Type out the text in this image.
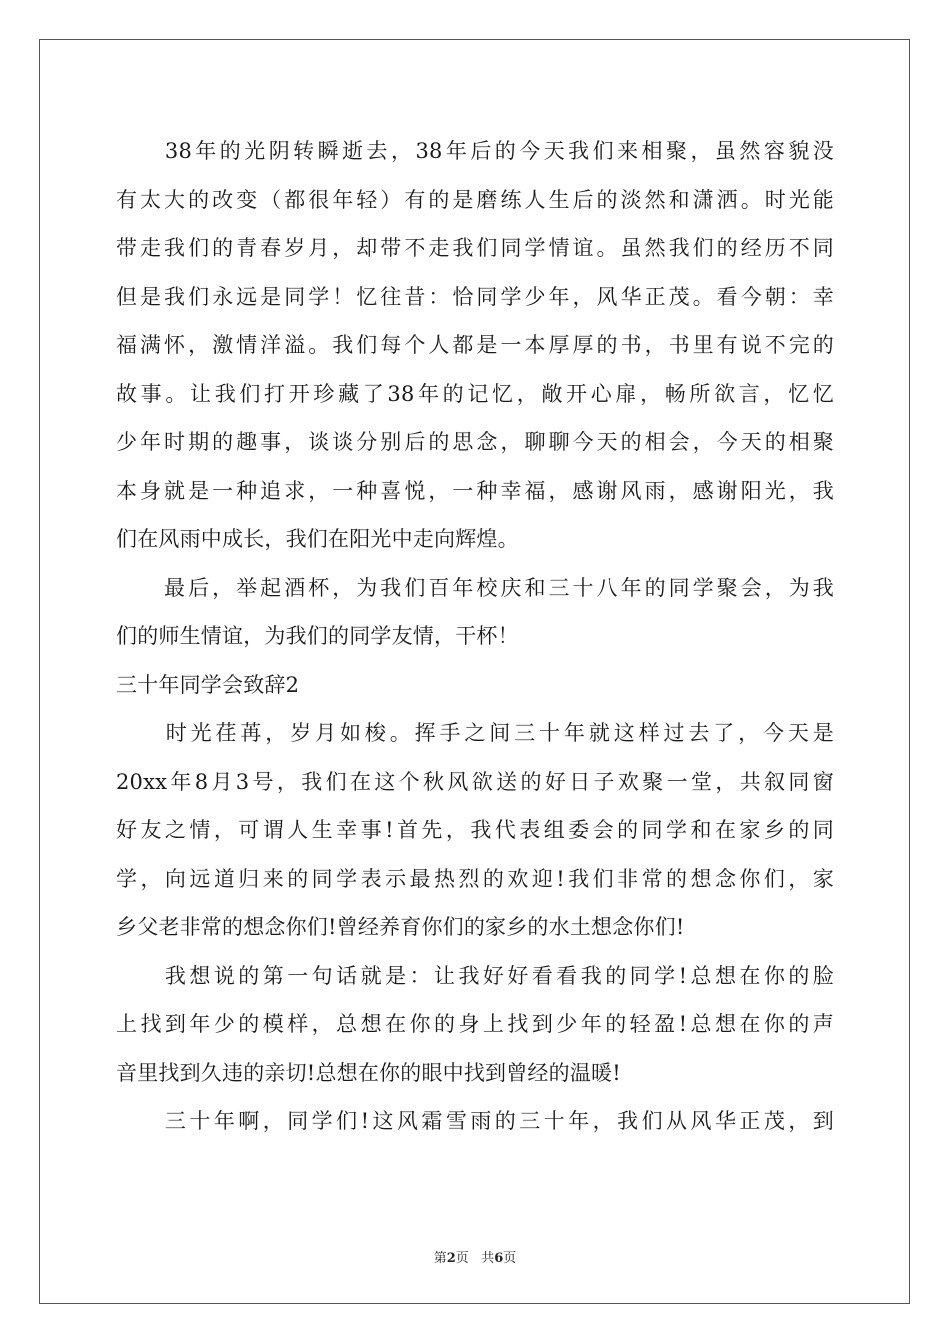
　　38年的光阴转瞬逝去，38年后的今天我们来相聚，虽然容貌没
有太大的改变（都很年轻）有的是磨练人生后的淡然和潇洒。时光能
带走我们的青春岁月，却带不走我们同学情谊。虽然我们的经历不同
但是我们永远是同学！忆往昔：恰同学少年，风华正茂。看今朝：幸
福满怀，激情洋溢。我们每个人都是一本厚厚的书，书里有说不完的
故事。让我们打开珍藏了38年的记忆，敞开心扉，畅所欲言，忆忆
少年时期的趣事，谈谈分别后的思念，聊聊今天的相会，今天的相聚
本身就是一种追求，一种喜悦，一种幸福，感谢风雨，感谢阳光，我
们在风雨中成长，我们在阳光中走向辉煌。
　　最后，举起酒杯，为我们百年校庆和三十八年的同学聚会，为我
们的师生情谊，为我们的同学友情，干杯！
三十年同学会致辞2
　　时光荏苒，岁月如梭。挥手之间三十年就这样过去了，今天是
20xx年8月3号，我们在这个秋风欲送的好日子欢聚一堂，共叙同窗
好友之情，可谓人生幸事!首先，我代表组委会的同学和在家乡的同
学，向远道归来的同学表示最热烈的欢迎!我们非常的想念你们，家
乡父老非常的想念你们!曾经养育你们的家乡的水土想念你们!
　　我想说的第一句话就是：让我好好看看我的同学!总想在你的脸
上找到年少的模样，总想在你的身上找到少年的轻盈!总想在你的声
音里找到久违的亲切!总想在你的眼中找到曾经的温暖!
　　三十年啊，同学们!这风霜雪雨的三十年，我们从风华正茂，到
第2页 共6页
